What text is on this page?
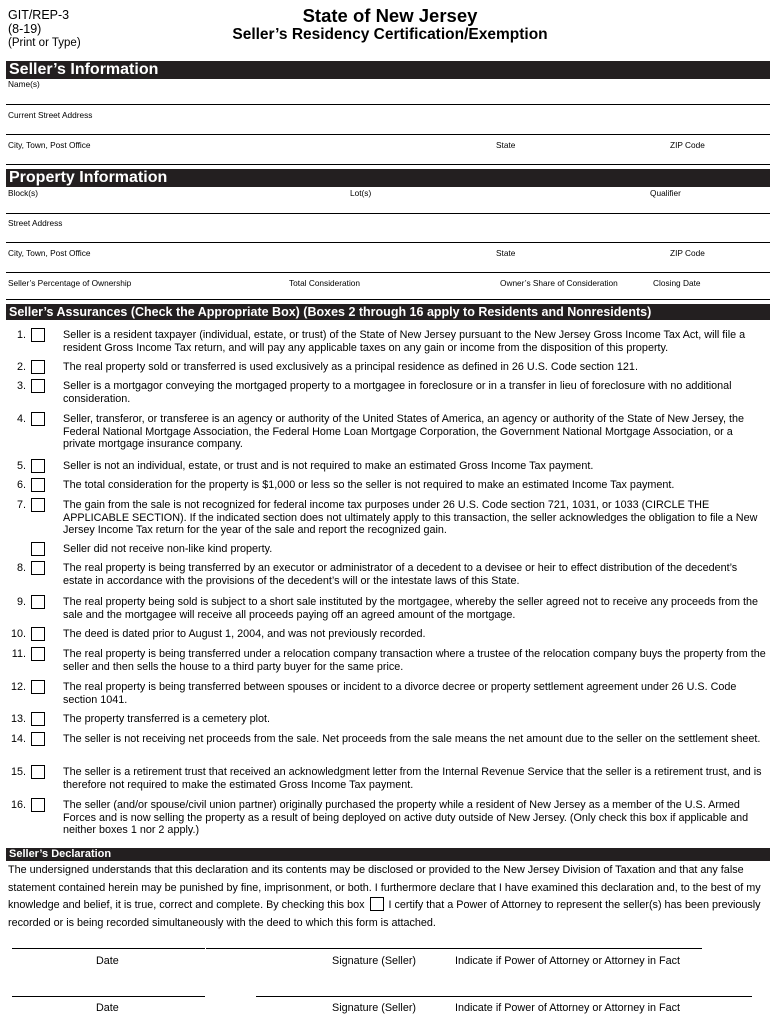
GIT/REP-3
(8-19)
(Print or Type)
State of New Jersey
Seller’s Residency Certification/Exemption
Seller’s Information
Name(s)
Current Street Address
City, Town, Post Office	State	ZIP Code
Property Information
Block(s)	Lot(s)	Qualifier
Street Address
City, Town, Post Office	State	ZIP Code
Seller’s Percentage of Ownership	Total Consideration	Owner’s Share of Consideration	Closing Date
Seller’s Assurances (Check the Appropriate Box) (Boxes 2 through 16 apply to Residents and Nonresidents)
1.	Seller is a resident taxpayer (individual, estate, or trust) of the State of New Jersey pursuant to the New Jersey Gross Income Tax Act, will file a resident Gross Income Tax return, and will pay any applicable taxes on any gain or income from the disposition of this property.
2.	The real property sold or transferred is used exclusively as a principal residence as defined in 26 U.S. Code section 121.
3.	Seller is a mortgagor conveying the mortgaged property to a mortgagee in foreclosure or in a transfer in lieu of foreclosure with no additional consideration.
4.	Seller, transferor, or transferee is an agency or authority of the United States of America, an agency or authority of the State of New Jersey, the Federal National Mortgage Association, the Federal Home Loan Mortgage Corporation, the Government National Mortgage Association, or a private mortgage insurance company.
5.	Seller is not an individual, estate, or trust and is not required to make an estimated Gross Income Tax payment.
6.	The total consideration for the property is $1,000 or less so the seller is not required to make an estimated Income Tax payment.
7.	The gain from the sale is not recognized for federal income tax purposes under 26 U.S. Code section 721, 1031, or 1033 (CIRCLE THE APPLICABLE SECTION). If the indicated section does not ultimately apply to this transaction, the seller acknowledges the obligation to file a New Jersey Income Tax return for the year of the sale and report the recognized gain.
Seller did not receive non-like kind property.
8.	The real property is being transferred by an executor or administrator of a decedent to a devisee or heir to effect distribution of the decedent’s estate in accordance with the provisions of the decedent’s will or the intestate laws of this State.
9.	The real property being sold is subject to a short sale instituted by the mortgagee, whereby the seller agreed not to receive any proceeds from the sale and the mortgagee will receive all proceeds paying off an agreed amount of the mortgage.
10.	The deed is dated prior to August 1, 2004, and was not previously recorded.
11.	The real property is being transferred under a relocation company transaction where a trustee of the relocation company buys the property from the seller and then sells the house to a third party buyer for the same price.
12.	The real property is being transferred between spouses or incident to a divorce decree or property settlement agreement under 26 U.S. Code section 1041.
13.	The property transferred is a cemetery plot.
14.	The seller is not receiving net proceeds from the sale. Net proceeds from the sale means the net amount due to the seller on the settlement sheet.
15.	The seller is a retirement trust that received an acknowledgment letter from the Internal Revenue Service that the seller is a retirement trust, and is therefore not required to make the estimated Gross Income Tax payment.
16.	The seller (and/or spouse/civil union partner) originally purchased the property while a resident of New Jersey as a member of the U.S. Armed Forces and is now selling the property as a result of being deployed on active duty outside of New Jersey. (Only check this box if applicable and neither boxes 1 nor 2 apply.)
Seller’s Declaration
The undersigned understands that this declaration and its contents may be disclosed or provided to the New Jersey Division of Taxation and that any false statement contained herein may be punished by fine, imprisonment, or both. I furthermore declare that I have examined this declaration and, to the best of my knowledge and belief, it is true, correct and complete. By checking this box I certify that a Power of Attorney to represent the seller(s) has been previously recorded or is being recorded simultaneously with the deed to which this form is attached.
Date	Signature (Seller)	Indicate if Power of Attorney or Attorney in Fact
Date	Signature (Seller)	Indicate if Power of Attorney or Attorney in Fact
